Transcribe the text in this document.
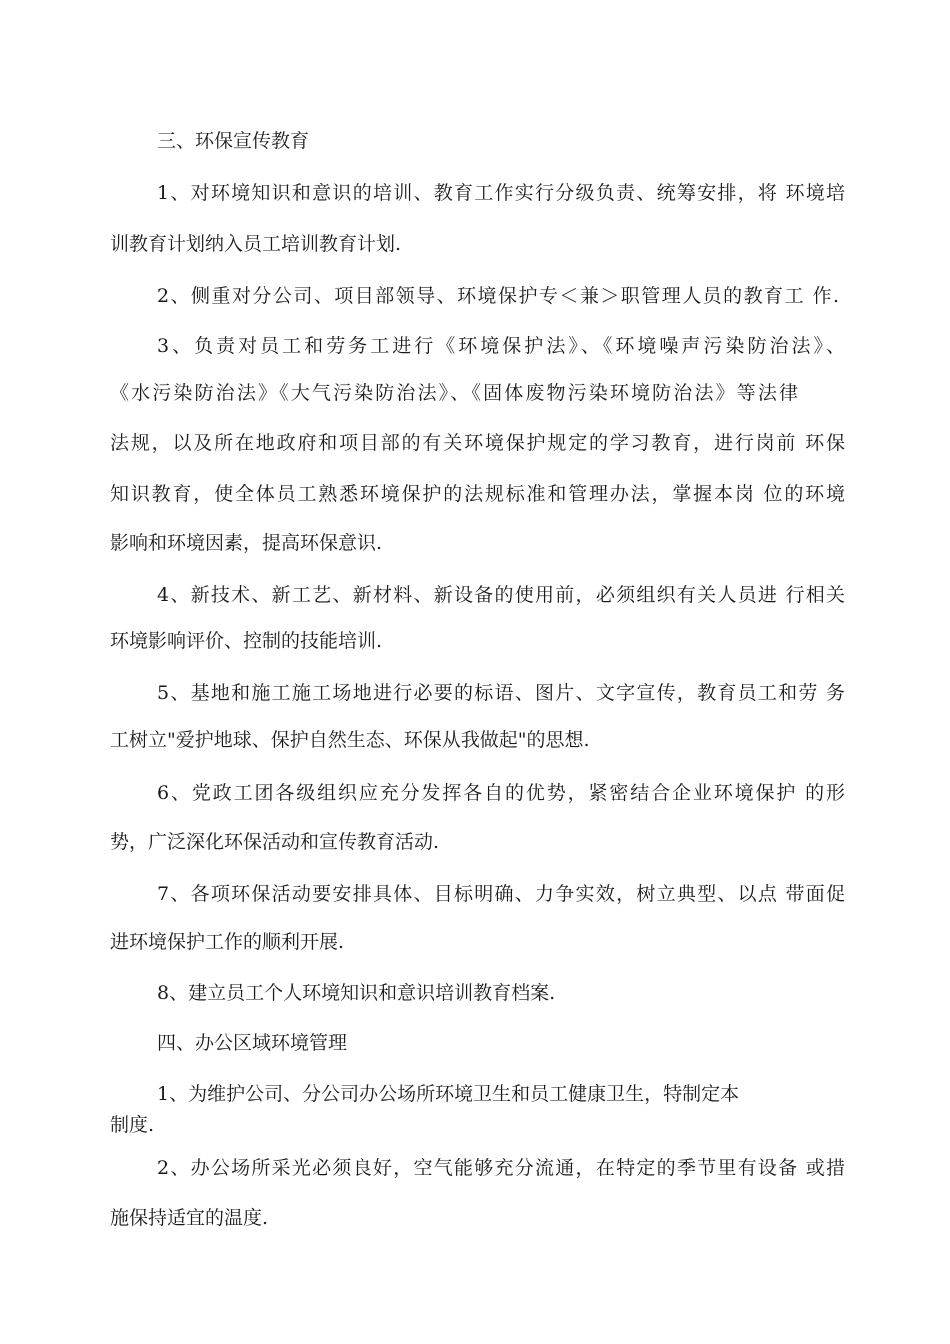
三、环保宣传教育
1、对环境知识和意识的培训、教育工作实行分级负责、统筹安排，将 环境培
训教育计划纳入员工培训教育计划.
2、侧重对分公司、项目部领导、环境保护专＜兼＞职管理人员的教育工 作.
3、负责对员工和劳务工进行《环境保护法》、《环境噪声污染防治法》、
《水污染防治法》《大气污染防治法》、《固体废物污染环境防治法》等法律
法规，以及所在地政府和项目部的有关环境保护规定的学习教育，进行岗前 环保
知识教育，使全体员工熟悉环境保护的法规标准和管理办法，掌握本岗 位的环境
影响和环境因素，提高环保意识.
4、新技术、新工艺、新材料、新设备的使用前，必须组织有关人员进 行相关
环境影响评价、控制的技能培训.
5、基地和施工施工场地进行必要的标语、图片、文字宣传，教育员工和劳 务
工树立"爱护地球、保护自然生态、环保从我做起"的思想.
6、党政工团各级组织应充分发挥各自的优势，紧密结合企业环境保护 的形
势，广泛深化环保活动和宣传教育活动.
7、各项环保活动要安排具体、目标明确、力争实效，树立典型、以点 带面促
进环境保护工作的顺利开展.
8、建立员工个人环境知识和意识培训教育档案.
四、办公区域环境管理
1、为维护公司、分公司办公场所环境卫生和员工健康卫生，特制定本
制度.
2、办公场所采光必须良好，空气能够充分流通，在特定的季节里有设备 或措
施保持适宜的温度.
